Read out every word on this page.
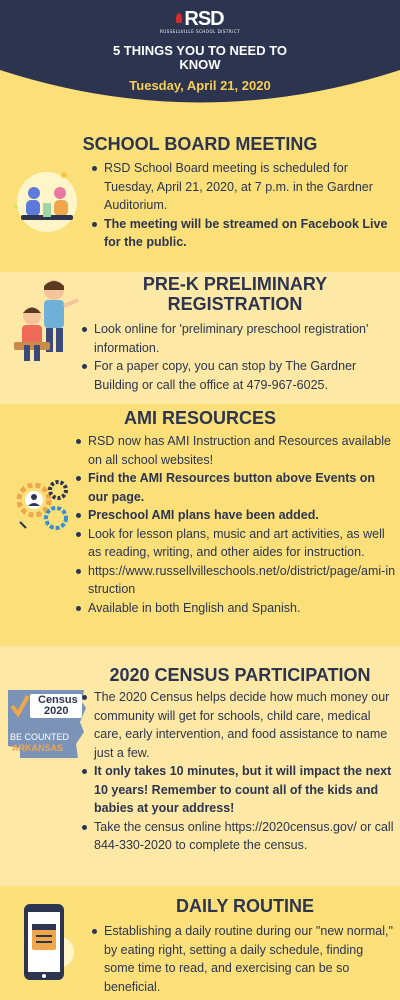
RSD
RUSSELLVILLE SCHOOL DISTRICT
5 THINGS YOU TO NEED TO KNOW
Tuesday, April 21, 2020
SCHOOL BOARD MEETING
RSD School Board meeting is scheduled for Tuesday, April 21, 2020, at 7 p.m. in the Gardner Auditorium.
The meeting will be streamed on Facebook Live for the public.
PRE-K PRELIMINARY REGISTRATION
Look online for 'preliminary preschool registration' information.
For a paper copy, you can stop by The Gardner Building or call the office at 479-967-6025.
AMI RESOURCES
RSD now has AMI Instruction and Resources available on all school websites!
Find the AMI Resources button above Events on our page.
Preschool AMI plans have been added.
Look for lesson plans, music and art activities, as well as reading, writing, and other aides for instruction.
https://www.russellvilleschools.net/o/district/page/ami-instruction
Available in both English and Spanish.
2020 CENSUS PARTICIPATION
Census
2020
BE COUNTED
ARKANSAS
The 2020 Census helps decide how much money our community will get for schools, child care, medical care, early intervention, and food assistance to name just a few.
It only takes 10 minutes, but it will impact the next 10 years! Remember to count all of the kids and babies at your address!
Take the census online https://2020census.gov/ or call 844-330-2020 to complete the census.
DAILY ROUTINE
Establishing a daily routine during our "new normal," by eating right, setting a daily schedule, finding some time to read, and exercising can be so beneficial.
